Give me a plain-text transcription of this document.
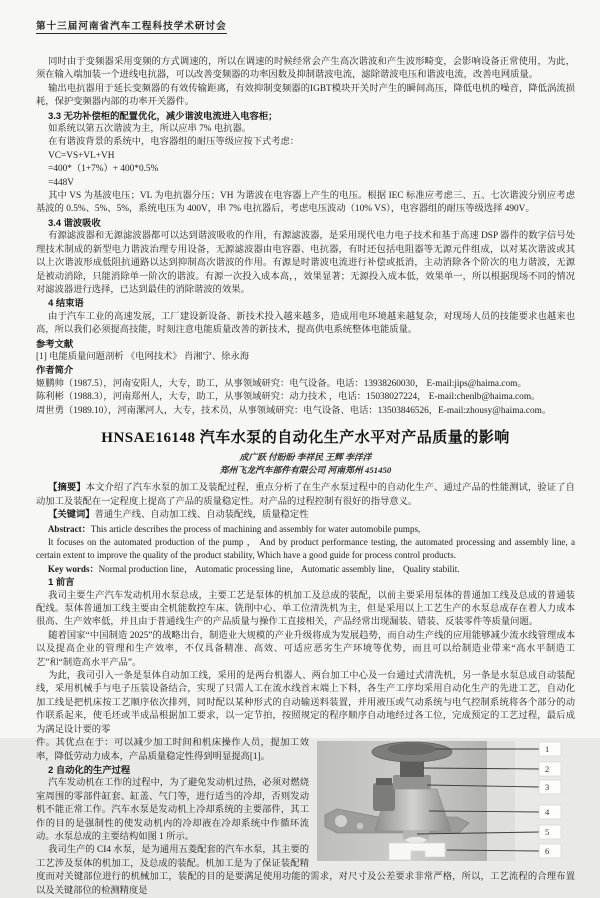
第十三届河南省汽车工程科技学术研讨会

同时由于变频器采用变频的方式调速的，所以在调速的时候经常会产生高次谐波和产生波形畸变，会影响设备正常使用，为此，须在输入端加装一个进线电抗器，可以改善变频器的功率因数及抑制谐波电流，滤除谐波电压和谐波电流，改善电网质量。

输出电抗器用于延长变频器的有效传输距离，有效抑制变频器的IGBT模块开关时产生的瞬间高压，降低电机的噪音，降低涡流损耗，保护变频器内部的功率开关器件。

3.3 无功补偿柜的配置优化，减少谐波电流进入电容柜；

如系统以第五次谐波为主，所以应串 7% 电抗器。

在有谐波背景的系统中，电容器组的耐压等级应按下式考虑：

VC=VS+VL+VH

=400*（1+7%）+ 400*0.5%

=448V

其中 VS 为基波电压；VL 为电抗器分压；VH 为谐波在电容器上产生的电压。根据 IEC 标准应考虑三、五、七次谐波分别应考虑基波的 0.5%、5%、5%，系统电压为 400V，串 7% 电抗器后，考虑电压波动（10% VS），电容器组的耐压等级选择 490V。

3.4 谐波吸收

有源滤波器和无源滤波器都可以达到谐波吸收的作用，有源滤波器，是采用现代电力电子技术和基于高速 DSP 器件的数字信号处理技术制成的新型电力谐波治理专用设备，无源滤波器由电容器、电抗器，有时还包括电阻器等无源元件组成，以对某次谐波或其以上次谐波形成低阻抗通路以达到抑制高次谐波的作用。有源是时谐波电流进行补偿或抵消，主动消除各个阶次的电力谐波，无源是被动消除，只能消除单一阶次的谐波。有源一次投入成本高，，效果显著；无源投入成本低，效果单一，所以根据现场不同的情况对滤波器进行选择，已达到最佳的消除谐波的效果。

4 结束语

由于汽车工业的高速发展，工厂建设新设备、新技术投入越来越多，造成用电环境越来越复杂，对现场人员的技能要求也越来也高，所以我们必须提高技能，时刻注意电能质量改善的新技术，提高供电系统整体电能质量。

参考文献

[1] 电能质量问题剖析 《电网技术》 肖湘宁、徐永海

作者简介

姬鹏帅（1987.5），河南安阳人，大专，助工，从事领域研究：电气设备。电话：13938260030， E-mail:jips@haima.com。

陈利彬（1988.3），河南郑州人，大专，助工，从事领域研究：动力技术 ，电话：15038027224， E-mail:chenlb@haima.com。

周世勇（1989.10），河南漯河人，大专，技术员，从事领域研究：电气设备、电话：13503846526，E-mail:zhousy@haima.com。

HNSAE16148 汽车水泵的自动化生产水平对产品质量的影响

成广跃 付盼盼 李祥民 王辉 李洋洋

郑州飞龙汽车部件有限公司 河南郑州 451450

【摘要】本文介绍了汽车水泵的加工及装配过程，重点分析了在生产水泵过程中的自动化生产、通过产品的性能测试，验证了自动加工及装配在一定程度上提高了产品的质量稳定性。对产品的过程控制有很好的指导意义。

【关键词】普通生产线、自动加工线、自动装配线，质量稳定性

Abstract：This article describes the process of machining and assembly for water automobile pumps,

It focuses on the automated production of the pump ， And by product performance testing, the automated processing and assembly line, a certain extent to improve the quality of the product stability, Which have a good guide for process control products.

Key words：Normal production line， Automatic processing line， Automatic assembly line， Quality stabilit.

1 前言

我司主要生产汽车发动机用水泵总成，主要工艺是泵体的机加工及总成的装配，以前主要采用泵体的普通加工线及总成的普通装配线。泵体普通加工线主要由全机能数控车床、铣削中心、单工位清洗机为主，但是采用以上工艺生产的水泵总成存在着人力成本很高、生产效率低，并且由于普通线生产的产品质量与操作工直接相关，产品经常出现漏装、错装、反装零件等质量问题。

随着国家“中国制造 2025”的战略出台，制造业大规模的产业升级将成为发展趋势，而自动生产线的应用能够减少流水线管理成本以及提高企业的管理和生产效率，不仅具备精准、高效、可适应恶劣生产环境等优势，而且可以给制造业带来“高水平制造工艺”和“制造高水平产品”。

为此，我司引入一条是泵体自动加工线，采用的是两台机器人、两台加工中心及一台通过式清洗机，另一条是水泵总成自动装配线，采用机械手与电子压装设备结合，实现了只需人工在流水线首末端上下料，各生产工序均采用自动化生产的先进工艺，自动化加工线是把机床按工艺顺序依次排列，同时配以某种形式的自动输送料装置，并用液压或气动系统与电气控制系统将各个部分的动作联系起来，使毛坯或半成品根据加工要求，以一定节拍，按照规定的程序顺序自动地经过各工位，完成预定的工艺过程，最后成为满足设计要的零

1
2
3
4
5
6

件。其优点在于：可以减少加工时间和机床操作人员，提加工效率，降低劳动力成本，产品质量稳定性得到明显提高[1]。

2 自动化的生产过程

汽车发动机在工作的过程中，为了避免发动机过热，必须对燃烧室周围的零部件缸套、缸盖、气门等，进行适当的冷却，否则发动机不能正常工作。汽车水泵是发动机上冷却系统的主要部件，其工作的目的是强制性的使发动机内的冷却液在冷却系统中作循环流动。水泵总成的主要结构如图 1 所示。

我司生产的 CI4 水泵，是为通用五菱配套的汽车水泵，其主要的工艺涉及泵体的机加工，及总成的装配。机加工是为了保证装配精度而对关键部位进行的机械加工，装配的目的是要满足使用功能的需求，对尺寸及公差要求非常严格，所以，工艺流程的合理布置以及关键部位的检测精度是
